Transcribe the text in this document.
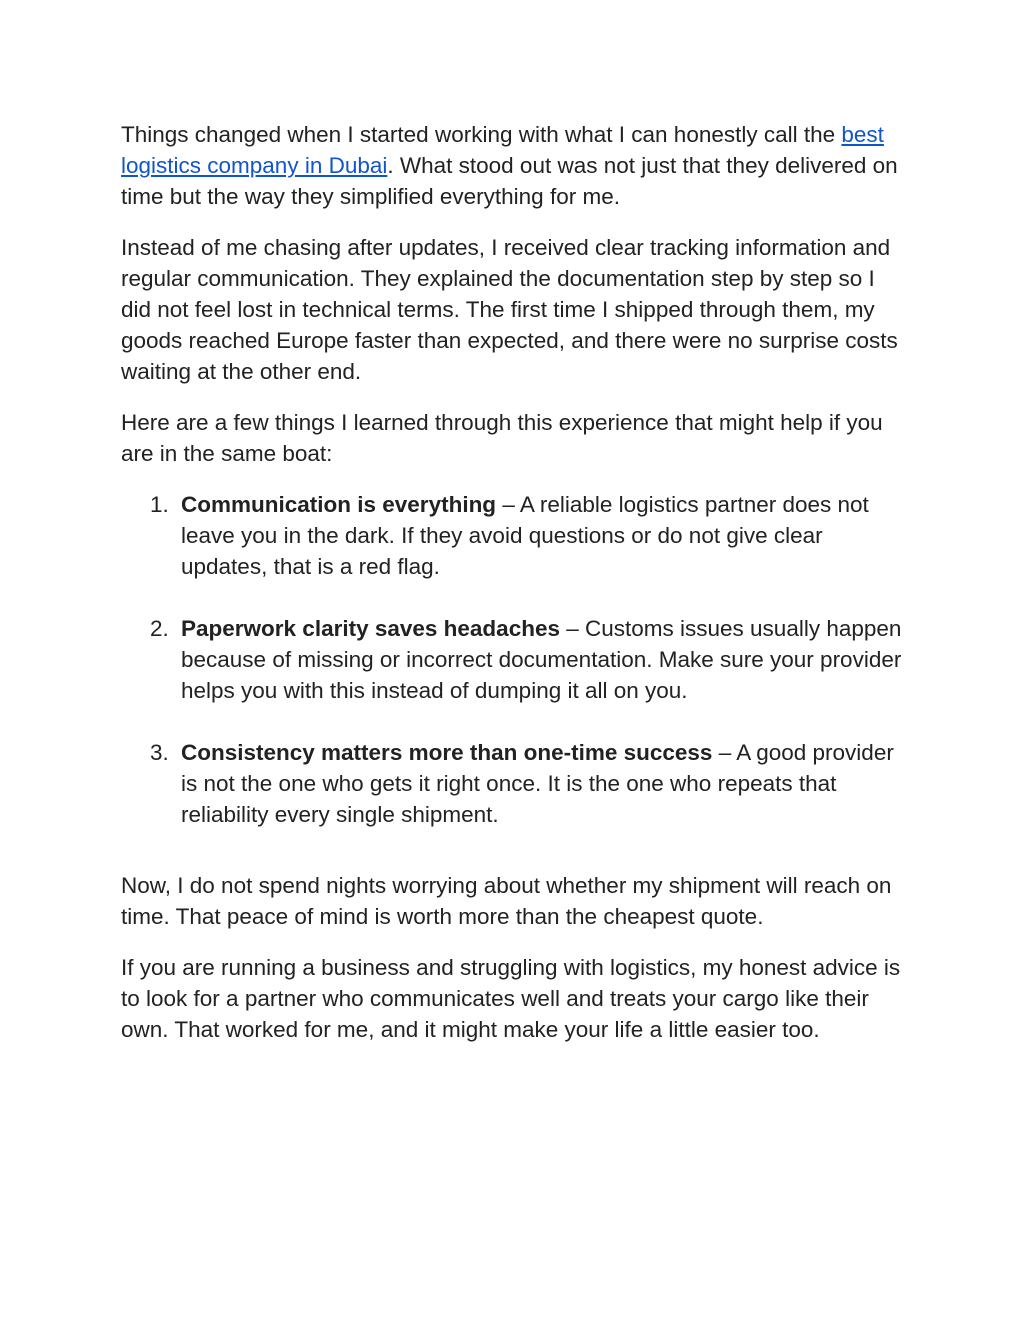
Things changed when I started working with what I can honestly call the best logistics company in Dubai. What stood out was not just that they delivered on time but the way they simplified everything for me.

Instead of me chasing after updates, I received clear tracking information and regular communication. They explained the documentation step by step so I did not feel lost in technical terms. The first time I shipped through them, my goods reached Europe faster than expected, and there were no surprise costs waiting at the other end.

Here are a few things I learned through this experience that might help if you are in the same boat:

1. Communication is everything – A reliable logistics partner does not leave you in the dark. If they avoid questions or do not give clear updates, that is a red flag.
2. Paperwork clarity saves headaches – Customs issues usually happen because of missing or incorrect documentation. Make sure your provider helps you with this instead of dumping it all on you.
3. Consistency matters more than one-time success – A good provider is not the one who gets it right once. It is the one who repeats that reliability every single shipment.

Now, I do not spend nights worrying about whether my shipment will reach on time. That peace of mind is worth more than the cheapest quote.

If you are running a business and struggling with logistics, my honest advice is to look for a partner who communicates well and treats your cargo like their own. That worked for me, and it might make your life a little easier too.
